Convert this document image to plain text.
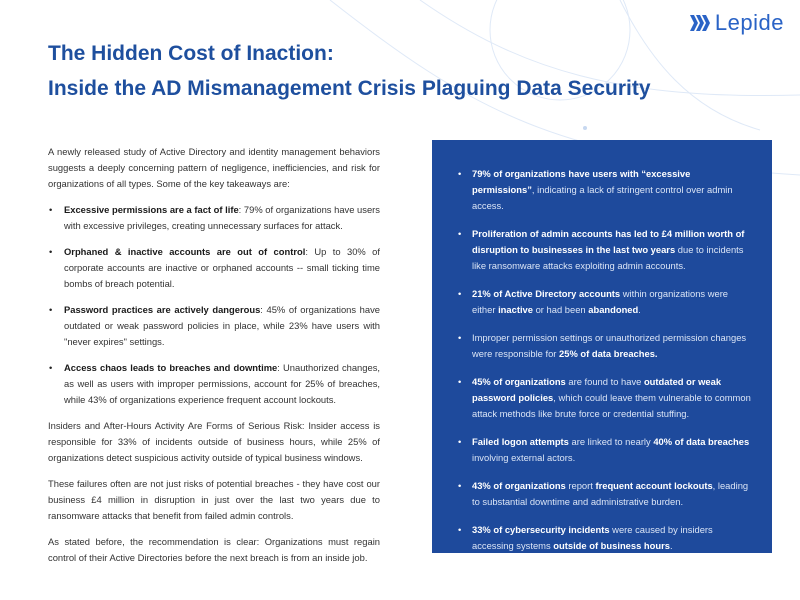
Lepide
The Hidden Cost of Inaction:
Inside the AD Mismanagement Crisis Plaguing Data Security

A newly released study of Active Directory and identity management behaviors suggests a deeply concerning pattern of negligence, inefficiencies, and risk for organizations of all types. Some of the key takeaways are:

• Excessive permissions are a fact of life: 79% of organizations have users with excessive privileges, creating unnecessary surfaces for attack.
• Orphaned & inactive accounts are out of control: Up to 30% of corporate accounts are inactive or orphaned accounts -- small ticking time bombs of breach potential.
• Password practices are actively dangerous: 45% of organizations have outdated or weak password policies in place, while 23% have users with "never expires" settings.
• Access chaos leads to breaches and downtime: Unauthorized changes, as well as users with improper permissions, account for 25% of breaches, while 43% of organizations experience frequent account lockouts.

Insiders and After-Hours Activity Are Forms of Serious Risk: Insider access is responsible for 33% of incidents outside of business hours, while 25% of organizations detect suspicious activity outside of typical business windows.

These failures often are not just risks of potential breaches - they have cost our business £4 million in disruption in just over the last two years due to ransomware attacks that benefit from failed admin controls.

As stated before, the recommendation is clear: Organizations must regain control of their Active Directories before the next breach is from an inside job.

• 79% of organizations have users with “excessive permissions”, indicating a lack of stringent control over admin access.
• Proliferation of admin accounts has led to £4 million worth of disruption to businesses in the last two years due to incidents like ransomware attacks exploiting admin accounts.
• 21% of Active Directory accounts within organizations were either inactive or had been abandoned.
• Improper permission settings or unauthorized permission changes were responsible for 25% of data breaches.
• 45% of organizations are found to have outdated or weak password policies, which could leave them vulnerable to common attack methods like brute force or credential stuffing.
• Failed logon attempts are linked to nearly 40% of data breaches involving external actors.
• 43% of organizations report frequent account lockouts, leading to substantial downtime and administrative burden.
• 33% of cybersecurity incidents were caused by insiders accessing systems outside of business hours.
